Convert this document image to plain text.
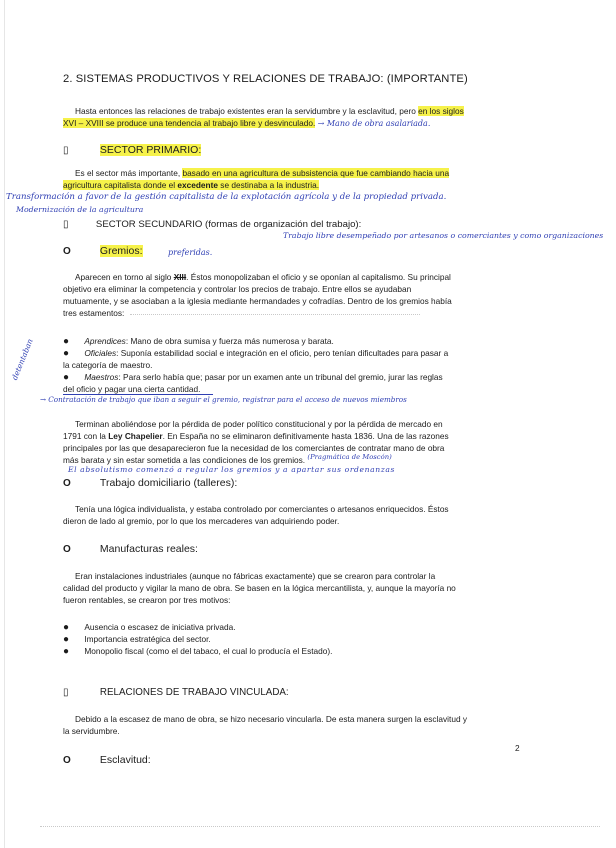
2. SISTEMAS PRODUCTIVOS Y RELACIONES DE TRABAJO: (IMPORTANTE)
Hasta entonces las relaciones de trabajo existentes eran la servidumbre y la esclavitud, pero en los siglos
XVI – XVIII se produce una tendencia al trabajo libre y desvinculado. → Mano de obra asalariada.
▯	SECTOR PRIMARIO:
Es el sector más importante, basado en una agricultura de subsistencia que fue cambiando hacia una
agricultura capitalista donde el excedente se destinaba a la industria.
Transformación a favor de la gestión capitalista de la explotación agrícola y de la propiedad privada.
Modernización de la agricultura
▯	SECTOR SECUNDARIO (formas de organización del trabajo):
Trabajo libre desempeñado por artesanos o comerciantes y como organizaciones
O	Gremios:	preferidas.
Aparecen en torno al siglo XIII. Éstos monopolizaban el oficio y se oponían al capitalismo. Su principal
objetivo era eliminar la competencia y controlar los precios de trabajo. Entre ellos se ayudaban
mutuamente, y se asociaban a la iglesia mediante hermandades y cofradías. Dentro de los gremios había
tres estamentos:
● Aprendices: Mano de obra sumisa y fuerza más numerosa y barata.
● Oficiales: Suponía estabilidad social e integración en el oficio, pero tenían dificultades para pasar a
la categoría de maestro.
● Maestros: Para serlo había que; pasar por un examen ante un tribunal del gremio, jurar las reglas
del oficio y pagar una cierta cantidad.
detentaban
→ Contratación de trabajo que iban a seguir el gremio, registrar para el acceso de nuevos miembros
Terminan aboliéndose por la pérdida de poder político constitucional y por la pérdida de mercado en
1791 con la Ley Chapelier. En España no se eliminaron definitivamente hasta 1836. Una de las razones
principales por las que desaparecieron fue la necesidad de los comerciantes de contratar mano de obra
más barata y sin estar sometida a las condiciones de los gremios. $^{(Pragmática de Moscón)}$
El absolutismo comenzó a regular los gremios y a apartar sus ordenanzas
O	Trabajo domiciliario (talleres):
Tenía una lógica individualista, y estaba controlado por comerciantes o artesanos enriquecidos. Éstos
dieron de lado al gremio, por lo que los mercaderes van adquiriendo poder.
O	Manufacturas reales:
Eran instalaciones industriales (aunque no fábricas exactamente) que se crearon para controlar la
calidad del producto y vigilar la mano de obra. Se basen en la lógica mercantilista, y, aunque la mayoría no
fueron rentables, se crearon por tres motivos:
● Ausencia o escasez de iniciativa privada.
● Importancia estratégica del sector.
● Monopolio fiscal (como el del tabaco, el cual lo producía el Estado).
▯	RELACIONES DE TRABAJO VINCULADA:
Debido a la escasez de mano de obra, se hizo necesario vincularla. De esta manera surgen la esclavitud y
la servidumbre.
2
O	Esclavitud:
